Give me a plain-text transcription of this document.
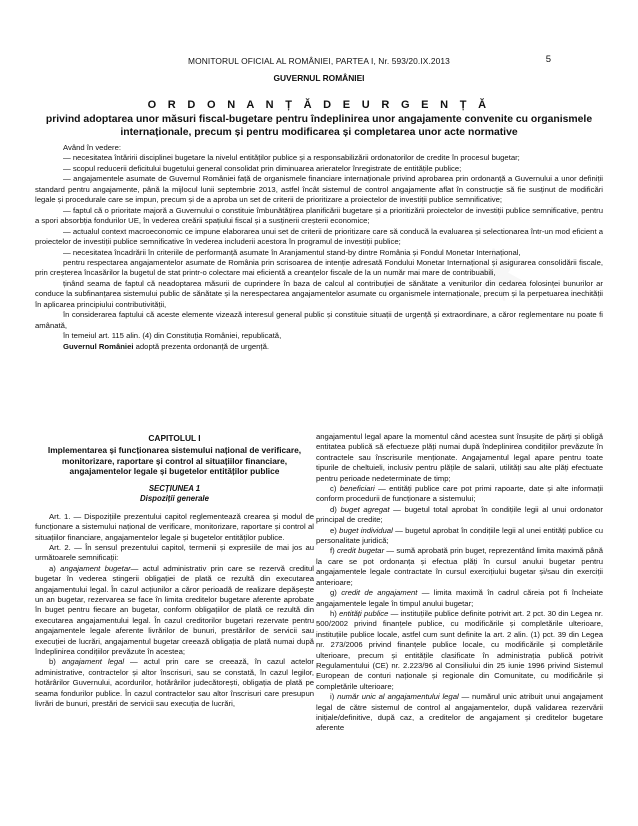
✶
MONITORUL OFICIAL AL ROMÂNIEI, PARTEA I, Nr. 593/20.IX.2013	5
GUVERNUL ROMÂNIEI
O R D O N A N Ț Ă D E U R G E N Ț Ă
privind adoptarea unor măsuri fiscal-bugetare pentru îndeplinirea unor angajamente convenite cu organismele internaționale, precum și pentru modificarea și completarea unor acte normative

Având în vedere:

— necesitatea întăririi disciplinei bugetare la nivelul entităților publice și a responsabilizării ordonatorilor de credite în procesul bugetar;

— scopul reducerii deficitului bugetului general consolidat prin diminuarea arieratelor înregistrate de entitățile publice;

— angajamentele asumate de Guvernul României față de organismele financiare internaționale privind aprobarea prin ordonanță a Guvernului a unor definiții standard pentru angajamente, până la mijlocul lunii septembrie 2013, astfel încât sistemul de control angajamente aflat în construcție să fie susținut de modificări legale și procedurale care se impun, precum și de a aproba un set de criterii de prioritizare a proiectelor de investiții publice semnificative;

— faptul că o prioritate majoră a Guvernului o constituie îmbunătățirea planificării bugetare și a prioritizării proiectelor de investiții publice semnificative, pentru a spori absorbția fondurilor UE, în vederea creării spațiului fiscal și a susținerii creșterii economice;

— actualul context macroeconomic ce impune elaborarea unui set de criterii de prioritizare care să conducă la evaluarea și selectionarea într-un mod eficient a proiectelor de investiții publice semnificative în vederea includerii acestora în programul de investiții publice;

— necesitatea încadrării în criteriile de performanță asumate în Aranjamentul stand-by dintre România și Fondul Monetar Internațional,

pentru respectarea angajamentelor asumate de România prin scrisoarea de intenție adresată Fondului Monetar Internațional și asigurarea consolidării fiscale, prin creșterea încasărilor la bugetul de stat printr-o colectare mai eficientă a creanțelor fiscale de la un număr mai mare de contribuabili,

ținând seama de faptul că neadoptarea măsurii de cuprindere în baza de calcul al contribuției de sănătate a veniturilor din cedarea folosinței bunurilor ar conduce la subfinanțarea sistemului public de sănătate și la nerespectarea angajamentelor asumate cu organismele internaționale, precum și la perpetuarea inechității în aplicarea principiului contributivității,

în considerarea faptului că aceste elemente vizează interesul general public și constituie situații de urgență și extraordinare, a căror reglementare nu poate fi amânată,

în temeiul art. 115 alin. (4) din Constituția României, republicată,

Guvernul României adoptă prezenta ordonanță de urgență.

CAPITOLUL I

Implementarea și funcționarea sistemului național de verificare, monitorizare, raportare și control al situațiilor financiare, angajamentelor legale și bugetelor entităților publice

SECȚIUNEA 1

Dispoziții generale

Art. 1. — Dispozițiile prezentului capitol reglementează crearea și modul de funcționare a sistemului național de verificare, monitorizare, raportare și control al situațiilor financiare, angajamentelor legale și bugetelor entităților publice.

Art. 2. — În sensul prezentului capitol, termenii și expresiile de mai jos au următoarele semnificații:

a) angajament bugetar— actul administrativ prin care se rezervă creditul bugetar în vederea stingerii obligației de plată ce rezultă din executarea angajamentului legal. În cazul acțiunilor a căror perioadă de realizare depășește un an bugetar, rezervarea se face în limita creditelor bugetare aferente aprobate în buget pentru fiecare an bugetar, conform obligațiilor de plată ce rezultă din executarea angajamentului legal. În cazul creditorilor bugetari rezervate pentru angajamentele legale aferente livrărilor de bunuri, prestărilor de servicii sau execuției de lucrări, angajamentul bugetar creează obligația de plată numai după îndeplinirea condițiilor prevăzute în acestea;

b) angajament legal — actul prin care se creează, în cazul actelor administrative, contractelor și altor înscrisuri, sau se constată, în cazul legilor, hotărârilor Guvernului, acordurilor, hotărârilor judecătorești, obligația de plată pe seama fondurilor publice. În cazul contractelor sau altor înscrisuri care presupun livrări de bunuri, prestări de servicii sau execuția de lucrări,

angajamentul legal apare la momentul când acestea sunt însușite de părți și obligă entitatea publică să efectueze plăți numai după îndeplinirea condițiilor prevăzute în contractele sau înscrisurile menționate. Angajamentul legal apare pentru toate tipurile de cheltuieli, inclusiv pentru plățile de salarii, utilități sau alte plăți efectuate pentru perioade nedeterminate de timp;

c) beneficiari — entități publice care pot primi rapoarte, date și alte informații conform procedurii de funcționare a sistemului;

d) buget agregat — bugetul total aprobat în condițiile legii al unui ordonator principal de credite;

e) buget individual — bugetul aprobat în condițiile legii al unei entități publice cu personalitate juridică;

f) credit bugetar — sumă aprobată prin buget, reprezentând limita maximă până la care se pot ordonanța și efectua plăți în cursul anului bugetar pentru angajamentele legale contractate în cursul exercițiului bugetar și/sau din exerciții anterioare;

g) credit de angajament — limita maximă în cadrul căreia pot fi încheiate angajamentele legale în timpul anului bugetar;

h) entități publice — instituțiile publice definite potrivit art. 2 pct. 30 din Legea nr. 500/2002 privind finanțele publice, cu modificările și completările ulterioare, instituțiile publice locale, astfel cum sunt definite la art. 2 alin. (1) pct. 39 din Legea nr. 273/2006 privind finanțele publice locale, cu modificările și completările ulterioare, precum și entitățile clasificate în administrația publică potrivit Regulamentului (CE) nr. 2.223/96 al Consiliului din 25 iunie 1996 privind Sistemul European de conturi naționale și regionale din Comunitate, cu modificările și completările ulterioare;

i) număr unic al angajamentului legal — numărul unic atribuit unui angajament legal de către sistemul de control al angajamentelor, după validarea rezervării inițiale/definitive, după caz, a creditelor de angajament și creditelor bugetare aferente
